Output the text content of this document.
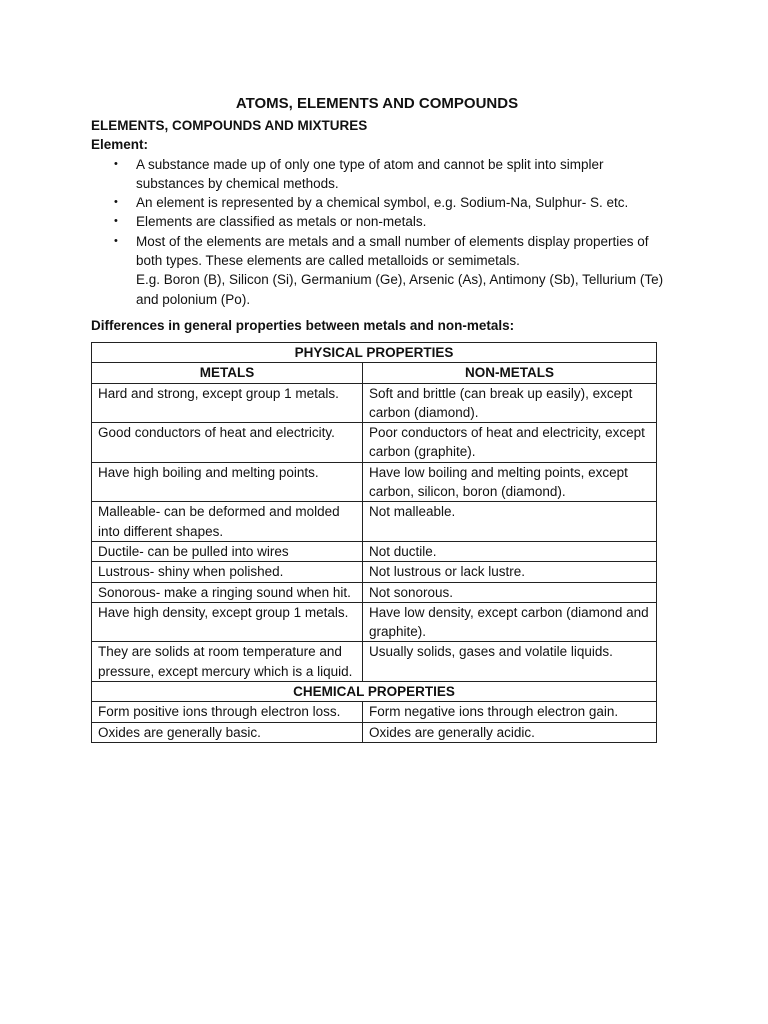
ATOMS, ELEMENTS AND COMPOUNDS
ELEMENTS, COMPOUNDS AND MIXTURES
Element:
• A substance made up of only one type of atom and cannot be split into simpler substances by chemical methods.
• An element is represented by a chemical symbol, e.g. Sodium-Na, Sulphur- S. etc.
• Elements are classified as metals or non-metals.
• Most of the elements are metals and a small number of elements display properties of both types. These elements are called metalloids or semimetals.
E.g. Boron (B), Silicon (Si), Germanium (Ge), Arsenic (As), Antimony (Sb), Tellurium (Te) and polonium (Po).
Differences in general properties between metals and non-metals:
PHYSICAL PROPERTIES	
METALS	NON-METALS
Hard and strong, except group 1 metals.	Soft and brittle (can break up easily), except carbon (diamond).
Good conductors of heat and electricity.	Poor conductors of heat and electricity, except carbon (graphite).
Have high boiling and melting points.	Have low boiling and melting points, except carbon, silicon, boron (diamond).
Malleable- can be deformed and molded into different shapes.	Not malleable.
Ductile- can be pulled into wires	Not ductile.
Lustrous- shiny when polished.	Not lustrous or lack lustre.
Sonorous- make a ringing sound when hit.	Not sonorous.
Have high density, except group 1 metals.	Have low density, except carbon (diamond and graphite).
They are solids at room temperature and pressure, except mercury which is a liquid.	Usually solids, gases and volatile liquids.
CHEMICAL PROPERTIES	
Form positive ions through electron loss.	Form negative ions through electron gain.
Oxides are generally basic.	Oxides are generally acidic.
